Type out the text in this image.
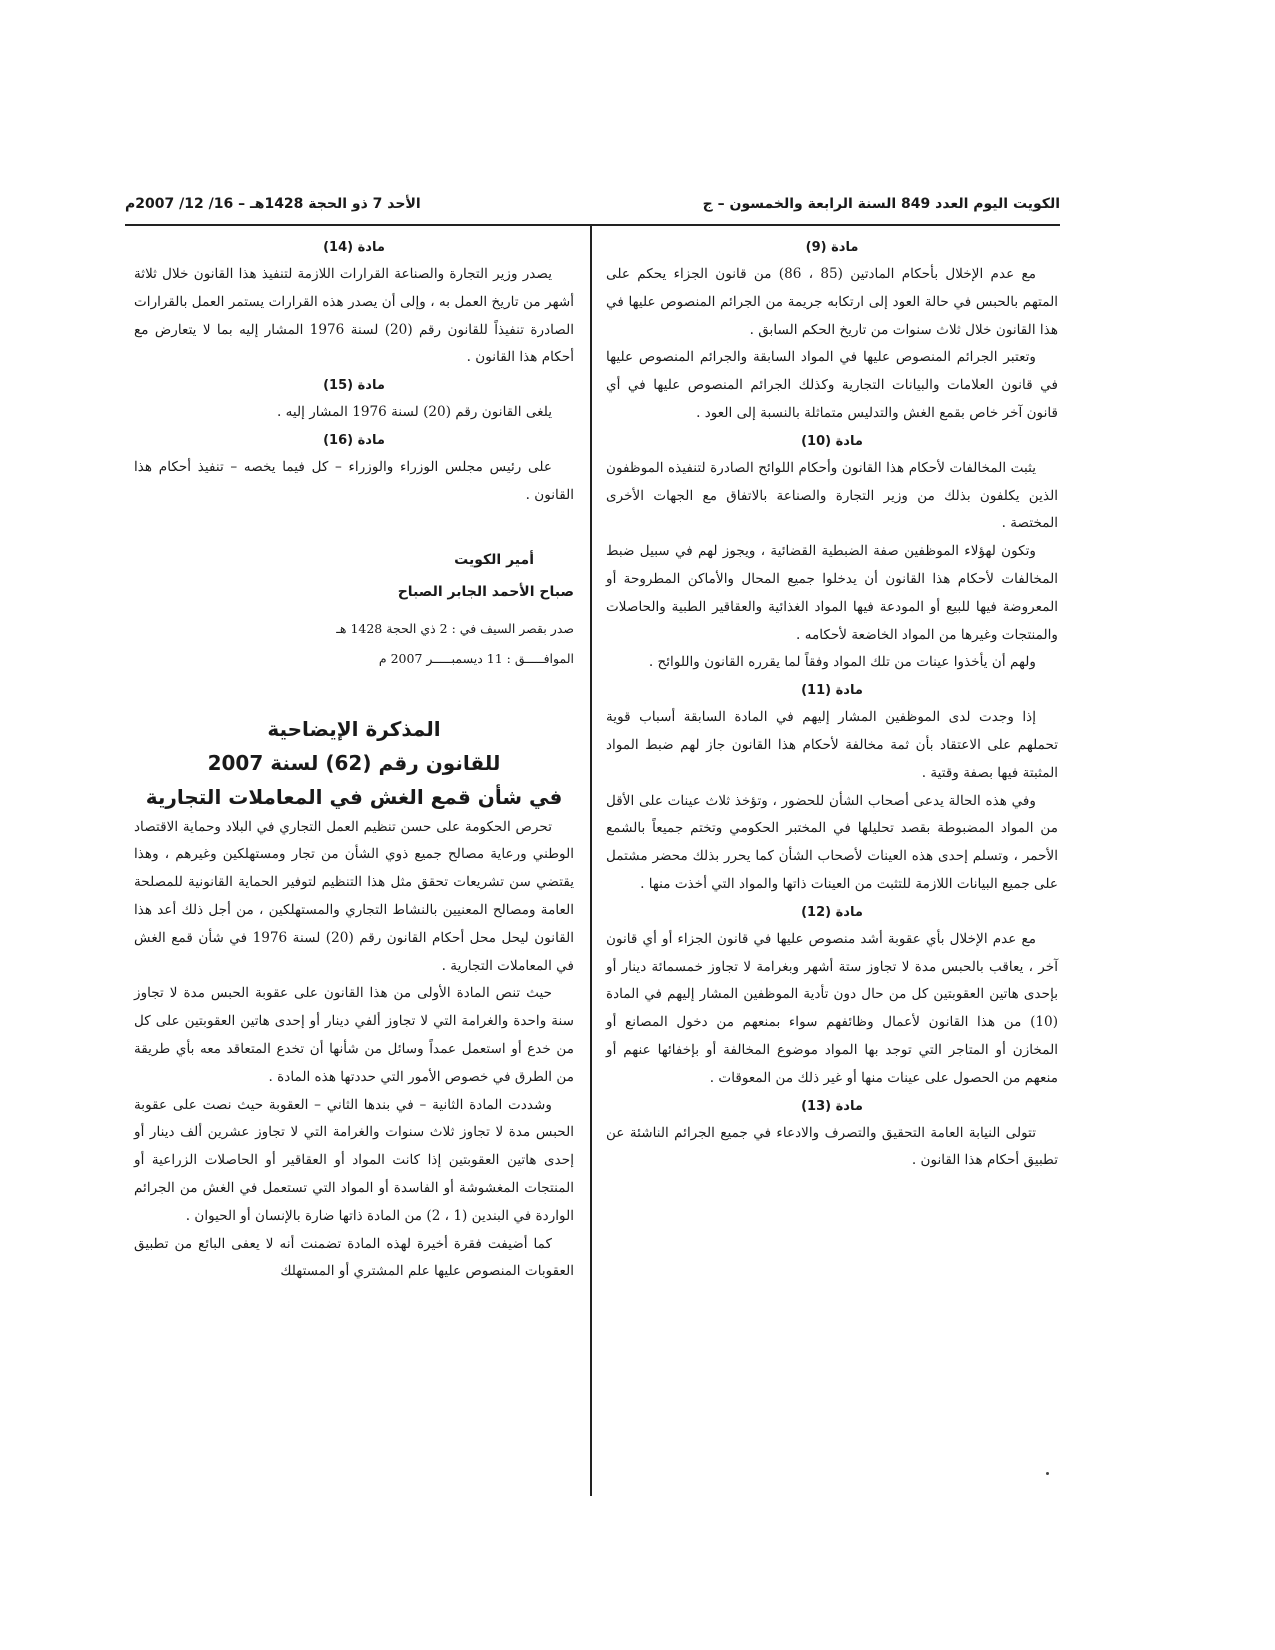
الكويت اليوم العدد 849 السنة الرابعة والخمسون – ج
الأحد 7 ذو الحجة 1428هـ – 16/ 12/ 2007م
مادة (9)

مع عدم الإخلال بأحكام المادتين (85 ، 86) من قانون الجزاء يحكم على المتهم بالحبس في حالة العود إلى ارتكابه جريمة من الجرائم المنصوص عليها في هذا القانون خلال ثلاث سنوات من تاريخ الحكم السابق .

وتعتبر الجرائم المنصوص عليها في المواد السابقة والجرائم المنصوص عليها في قانون العلامات والبيانات التجارية وكذلك الجرائم المنصوص عليها في أي قانون آخر خاص بقمع الغش والتدليس متماثلة بالنسبة إلى العود .

مادة (10)

يثبت المخالفات لأحكام هذا القانون وأحكام اللوائح الصادرة لتنفيذه الموظفون الذين يكلفون بذلك من وزير التجارة والصناعة بالاتفاق مع الجهات الأخرى المختصة .

وتكون لهؤلاء الموظفين صفة الضبطية القضائية ، ويجوز لهم في سبيل ضبط المخالفات لأحكام هذا القانون أن يدخلوا جميع المحال والأماكن المطروحة أو المعروضة فيها للبيع أو المودعة فيها المواد الغذائية والعقاقير الطبية والحاصلات والمنتجات وغيرها من المواد الخاضعة لأحكامه .

ولهم أن يأخذوا عينات من تلك المواد وفقاً لما يقرره القانون واللوائح .

مادة (11)

إذا وجدت لدى الموظفين المشار إليهم في المادة السابقة أسباب قوية تحملهم على الاعتقاد بأن ثمة مخالفة لأحكام هذا القانون جاز لهم ضبط المواد المثبتة فيها بصفة وقتية .

وفي هذه الحالة يدعى أصحاب الشأن للحضور ، وتؤخذ ثلاث عينات على الأقل من المواد المضبوطة بقصد تحليلها في المختبر الحكومي وتختم جميعاً بالشمع الأحمر ، وتسلم إحدى هذه العينات لأصحاب الشأن كما يحرر بذلك محضر مشتمل على جميع البيانات اللازمة للتثبت من العينات ذاتها والمواد التي أخذت منها .

مادة (12)

مع عدم الإخلال بأي عقوبة أشد منصوص عليها في قانون الجزاء أو أي قانون آخر ، يعاقب بالحبس مدة لا تجاوز ستة أشهر وبغرامة لا تجاوز خمسمائة دينار أو بإحدى هاتين العقوبتين كل من حال دون تأدية الموظفين المشار إليهم في المادة (10) من هذا القانون لأعمال وظائفهم سواء بمنعهم من دخول المصانع أو المخازن أو المتاجر التي توجد بها المواد موضوع المخالفة أو بإخفائها عنهم أو منعهم من الحصول على عينات منها أو غير ذلك من المعوقات .

مادة (13)

تتولى النيابة العامة التحقيق والتصرف والادعاء في جميع الجرائم الناشئة عن تطبيق أحكام هذا القانون .

مادة (14)

يصدر وزير التجارة والصناعة القرارات اللازمة لتنفيذ هذا القانون خلال ثلاثة أشهر من تاريخ العمل به ، وإلى أن يصدر هذه القرارات يستمر العمل بالقرارات الصادرة تنفيذاً للقانون رقم (20) لسنة 1976 المشار إليه بما لا يتعارض مع أحكام هذا القانون .

مادة (15)

يلغى القانون رقم (20) لسنة 1976 المشار إليه .

مادة (16)

على رئيس مجلس الوزراء والوزراء – كل فيما يخصه – تنفيذ أحكام هذا القانون .

أمير الكويت
صباح الأحمد الجابر الصباح
صدر بقصر السيف في : 2 ذي الحجة 1428 هـ
الموافـــــق : 11 ديسمبـــــر 2007 م
المذكرة الإيضاحية
للقانون رقم (62) لسنة 2007
في شأن قمع الغش في المعاملات التجارية

تحرص الحكومة على حسن تنظيم العمل التجاري في البلاد وحماية الاقتصاد الوطني ورعاية مصالح جميع ذوي الشأن من تجار ومستهلكين وغيرهم ، وهذا يقتضي سن تشريعات تحقق مثل هذا التنظيم لتوفير الحماية القانونية للمصلحة العامة ومصالح المعنيين بالنشاط التجاري والمستهلكين ، من أجل ذلك أعد هذا القانون ليحل محل أحكام القانون رقم (20) لسنة 1976 في شأن قمع الغش في المعاملات التجارية .

حيث تنص المادة الأولى من هذا القانون على عقوبة الحبس مدة لا تجاوز سنة واحدة والغرامة التي لا تجاوز ألفي دينار أو إحدى هاتين العقوبتين على كل من خدع أو استعمل عمداً وسائل من شأنها أن تخدع المتعاقد معه بأي طريقة من الطرق في خصوص الأمور التي حددتها هذه المادة .

وشددت المادة الثانية – في بندها الثاني – العقوبة حيث نصت على عقوبة الحبس مدة لا تجاوز ثلاث سنوات والغرامة التي لا تجاوز عشرين ألف دينار أو إحدى هاتين العقوبتين إذا كانت المواد أو العقاقير أو الحاصلات الزراعية أو المنتجات المغشوشة أو الفاسدة أو المواد التي تستعمل في الغش من الجرائم الواردة في البندين (1 ، 2) من المادة ذاتها ضارة بالإنسان أو الحيوان .

كما أضيفت فقرة أخيرة لهذه المادة تضمنت أنه لا يعفى البائع من تطبيق العقوبات المنصوص عليها علم المشتري أو المستهلك
